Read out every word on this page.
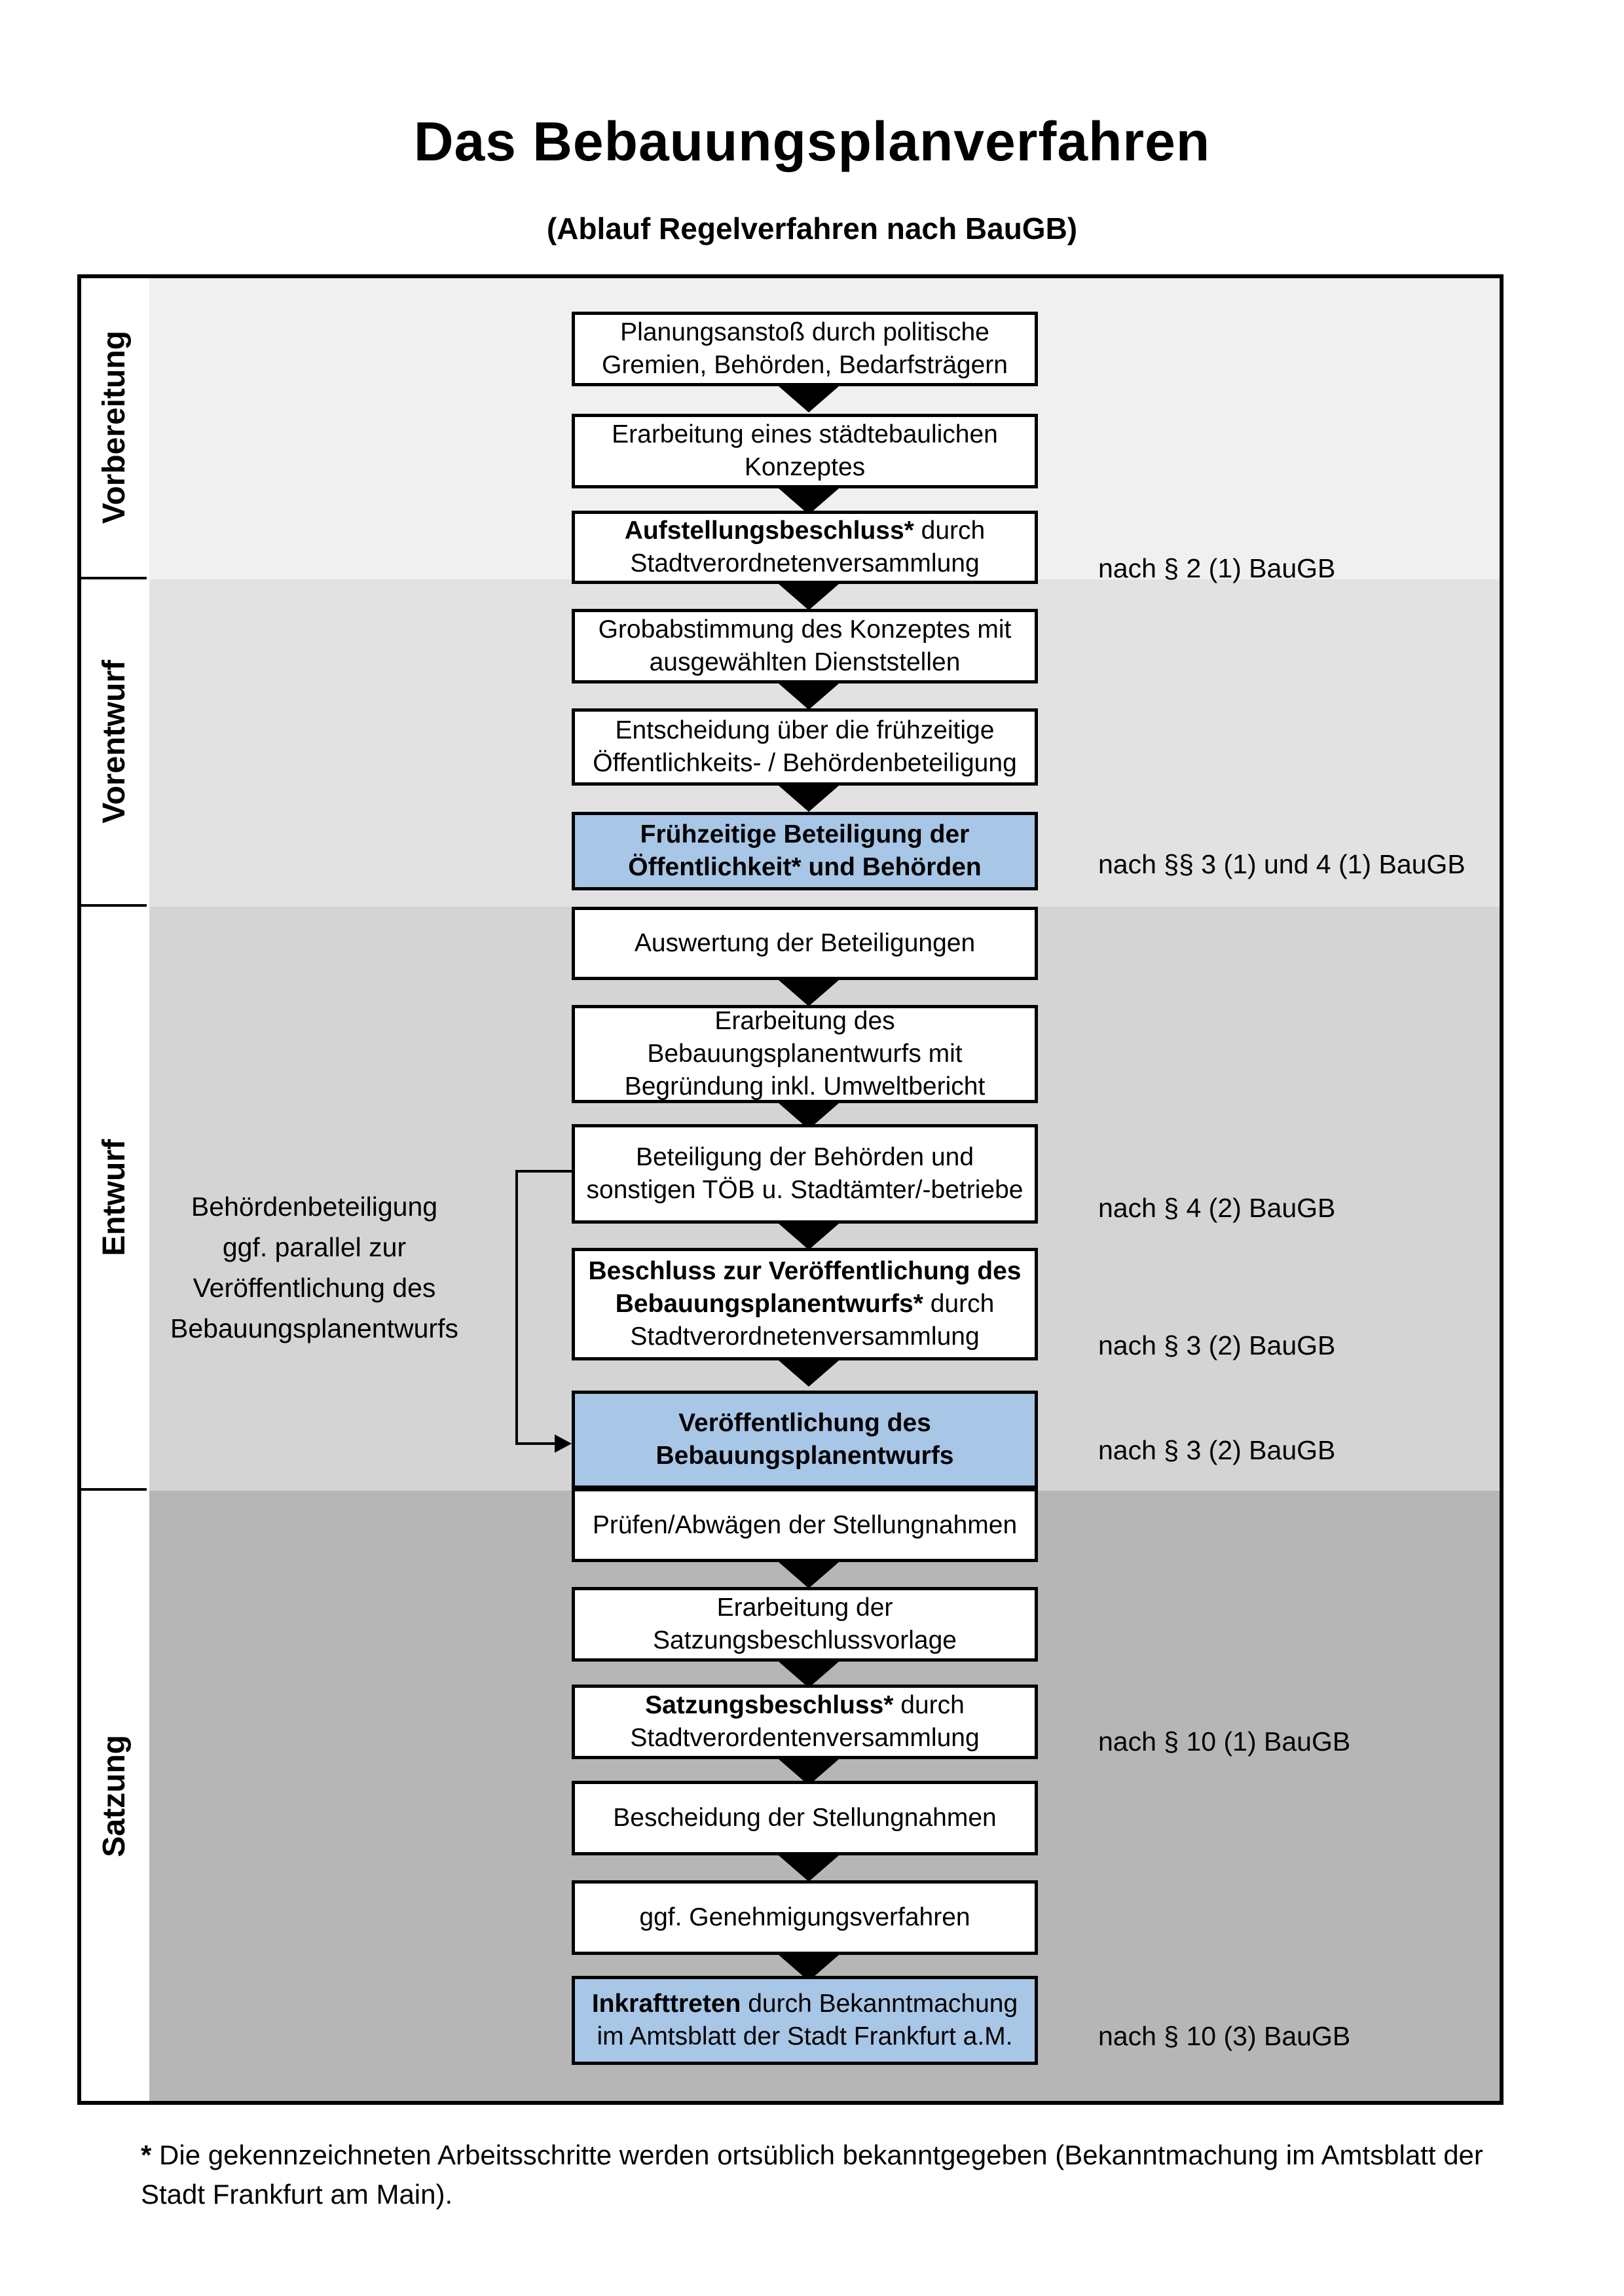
Das Bebauungsplanverfahren
(Ablauf Regelverfahren nach BauGB)
Vorbereitung
Vorentwurf
Entwurf
Satzung
Behördenbeteiligung
ggf. parallel zur
Veröffentlichung des
Bebauungsplanentwurfs
Planungsanstoß durch politische
Gremien, Behörden, Bedarfsträgern
Erarbeitung eines städtebaulichen
Konzeptes
Aufstellungsbeschluss* durch
Stadtverordnetenversammlung
Grobabstimmung des Konzeptes mit
ausgewählten Dienststellen
Entscheidung über die frühzeitige
Öffentlichkeits- / Behördenbeteiligung
Frühzeitige Beteiligung der
Öffentlichkeit* und Behörden
Auswertung der Beteiligungen
Erarbeitung des
Bebauungsplanentwurfs mit
Begründung inkl. Umweltbericht
Beteiligung der Behörden und
sonstigen TÖB u. Stadtämter/-betriebe
Beschluss zur Veröffentlichung des
Bebauungsplanentwurfs* durch
Stadtverordnetenversammlung
Veröffentlichung des
Bebauungsplanentwurfs
Prüfen/Abwägen der Stellungnahmen
Erarbeitung der
Satzungsbeschlussvorlage
Satzungsbeschluss* durch
Stadtverordentenversammlung
Bescheidung der Stellungnahmen
ggf. Genehmigungsverfahren
Inkrafttreten durch Bekanntmachung
im Amtsblatt der Stadt Frankfurt a.M.
nach § 2 (1) BauGB
nach §§ 3 (1) und 4 (1) BauGB
nach § 4 (2) BauGB
nach § 3 (2) BauGB
nach § 3 (2) BauGB
nach § 10 (1) BauGB
nach § 10 (3) BauGB
* Die gekennzeichneten Arbeitsschritte werden ortsüblich bekanntgegeben (Bekanntmachung im Amtsblatt der Stadt Frankfurt am Main).
